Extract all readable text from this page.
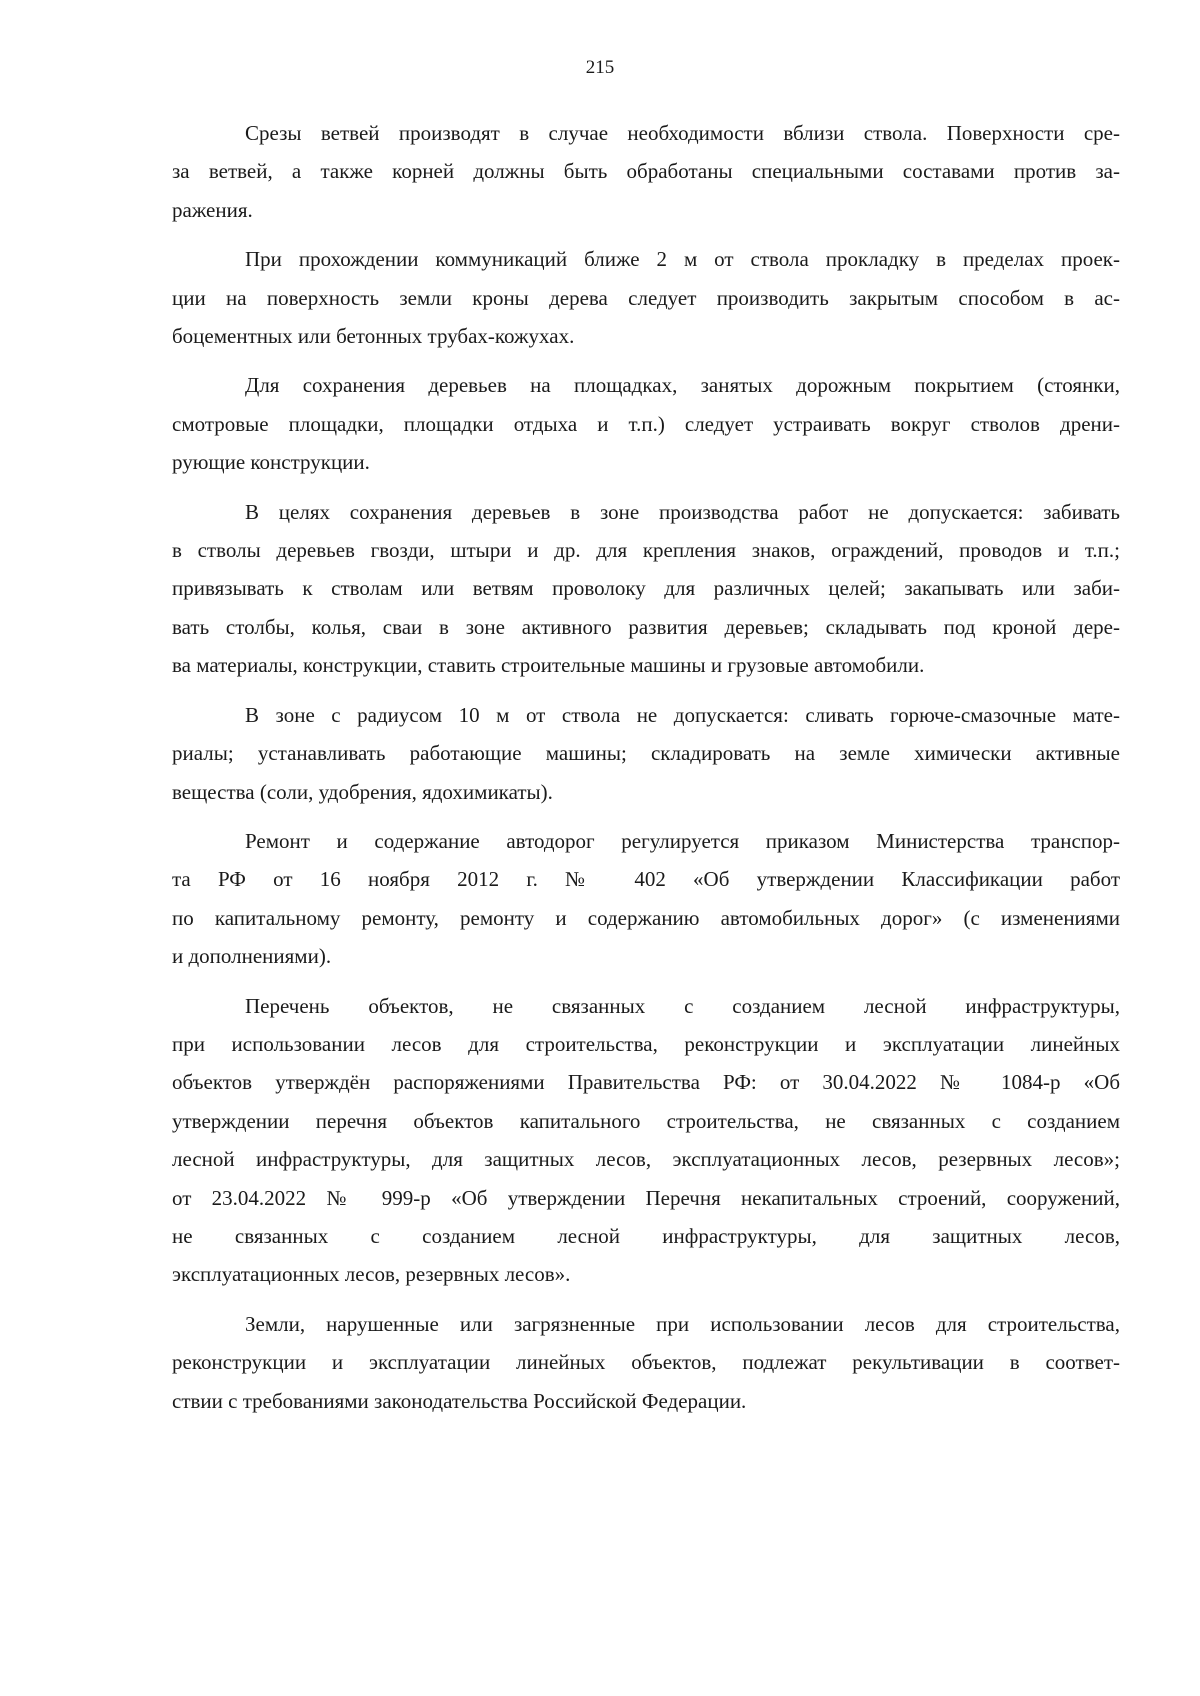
215

Срезы ветвей производят в случае необходимости вблизи ствола. Поверхности сре-
за ветвей, а также корней должны быть обработаны специальными составами против за-
ражения.

При прохождении коммуникаций ближе 2 м от ствола прокладку в пределах проек-
ции на поверхность земли кроны дерева следует производить закрытым способом в ас-
боцементных или бетонных трубах-кожухах.

Для сохранения деревьев на площадках, занятых дорожным покрытием (стоянки,
смотровые площадки, площадки отдыха и т.п.) следует устраивать вокруг стволов дрени-
рующие конструкции.

В целях сохранения деревьев в зоне производства работ не допускается: забивать
в стволы деревьев гвозди, штыри и др. для крепления знаков, ограждений, проводов и т.п.;
привязывать к стволам или ветвям проволоку для различных целей; закапывать или заби-
вать столбы, колья, сваи в зоне активного развития деревьев; складывать под кроной дере-
ва материалы, конструкции, ставить строительные машины и грузовые автомобили.

В зоне с радиусом 10 м от ствола не допускается: сливать горюче-смазочные мате-
риалы; устанавливать работающие машины; складировать на земле химически активные
вещества (соли, удобрения, ядохимикаты).

Ремонт и содержание автодорог регулируется приказом Министерства транспор-
та РФ от 16 ноября 2012 г. № 402 «Об утверждении Классификации работ
по капитальному ремонту, ремонту и содержанию автомобильных дорог» (с изменениями
и дополнениями).

Перечень объектов, не связанных с созданием лесной инфраструктуры,
при использовании лесов для строительства, реконструкции и эксплуатации линейных
объектов утверждён распоряжениями Правительства РФ: от 30.04.2022 № 1084-р «Об
утверждении перечня объектов капитального строительства, не связанных с созданием
лесной инфраструктуры, для защитных лесов, эксплуатационных лесов, резервных лесов»;
от 23.04.2022 № 999-р «Об утверждении Перечня некапитальных строений, сооружений,
не связанных с созданием лесной инфраструктуры, для защитных лесов,
эксплуатационных лесов, резервных лесов».

Земли, нарушенные или загрязненные при использовании лесов для строительства,
реконструкции и эксплуатации линейных объектов, подлежат рекультивации в соответ-
ствии с требованиями законодательства Российской Федерации.
